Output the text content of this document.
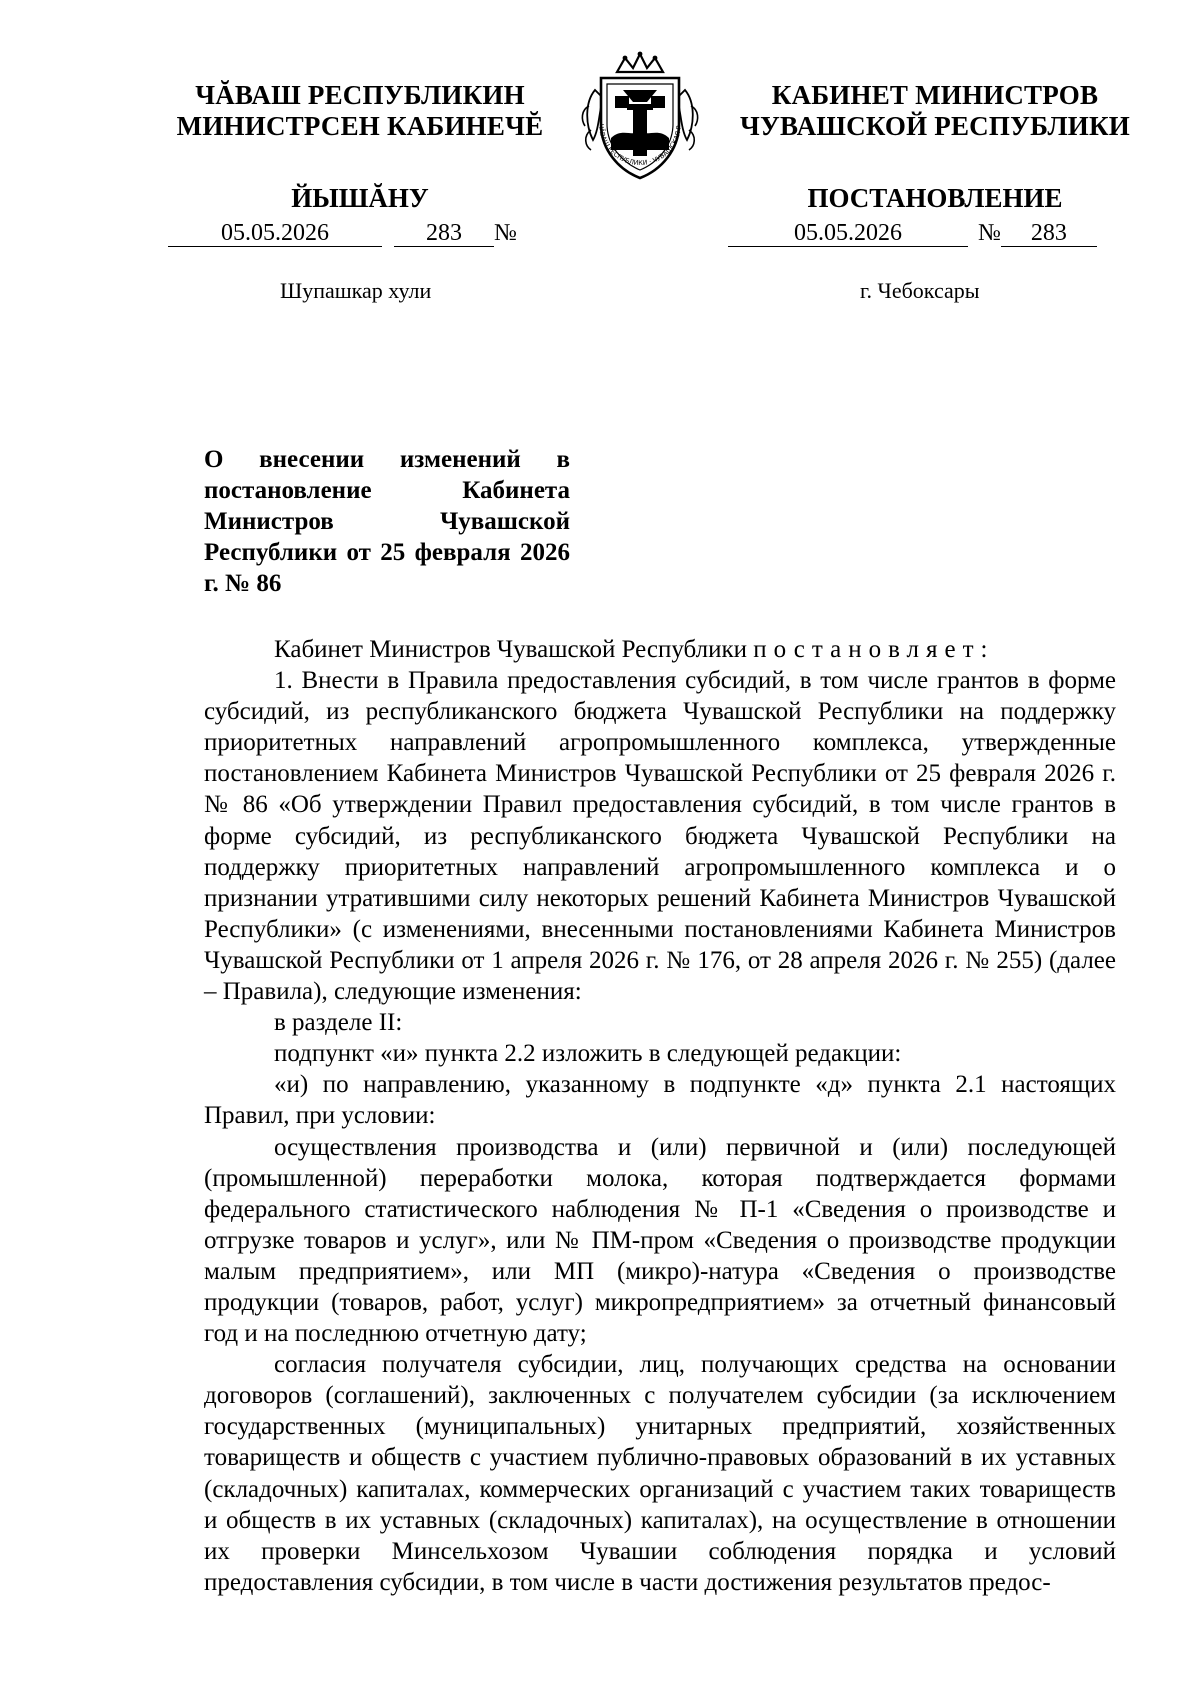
ЧĂВАШ РЕСПУБЛИКИН
МИНИСТРСЕН КАБИНЕЧĔ
ЙЫШĂНУ
ЧĂВАШ РЕСПУБЛИКИ · ЧУВАШСКАЯ Р
КАБИНЕТ МИНИСТРОВ
ЧУВАШСКОЙ РЕСПУБЛИКИ
ПОСТАНОВЛЕНИЕ
05.05.2026	283 №	05.05.2026	№ 283
Шупашкар хули	г. Чебоксары
О внесении изменений в постановление Кабинета Министров Чувашской Республики от 25 февраля 2026 г. № 86

Кабинет Министров Чувашской Республики постановляет:

1. Внести в Правила предоставления субсидий, в том числе грантов в форме субсидий, из республиканского бюджета Чувашской Республики на поддержку приоритетных направлений агропромышленного комплекса, утвержденные постановлением Кабинета Министров Чувашской Республики от 25 февраля 2026 г. № 86 «Об утверждении Правил предоставления субсидий, в том числе грантов в форме субсидий, из республиканского бюджета Чувашской Республики на поддержку приоритетных направлений агропромышленного комплекса и о признании утратившими силу некоторых решений Кабинета Министров Чувашской Республики» (с изменениями, внесенными постановлениями Кабинета Министров Чувашской Республики от 1 апреля 2026 г. № 176, от 28 апреля 2026 г. № 255) (далее – Правила), следующие изменения:

в разделе II:

подпункт «и» пункта 2.2 изложить в следующей редакции:

«и) по направлению, указанному в подпункте «д» пункта 2.1 настоящих Правил, при условии:

осуществления производства и (или) первичной и (или) последующей (промышленной) переработки молока, которая подтверждается формами федерального статистического наблюдения № П-1 «Сведения о производстве и отгрузке товаров и услуг», или № ПМ-пром «Сведения о производстве продукции малым предприятием», или МП (микро)-натура «Сведения о производстве продукции (товаров, работ, услуг) микропредприятием» за отчетный финансовый год и на последнюю отчетную дату;

согласия получателя субсидии, лиц, получающих средства на основании договоров (соглашений), заключенных с получателем субсидии (за исключением государственных (муниципальных) унитарных предприятий, хозяйственных товариществ и обществ с участием публично-правовых образований в их уставных (складочных) капиталах, коммерческих организаций с участием таких товариществ и обществ в их уставных (складочных) капиталах), на осуществление в отношении их проверки Минсельхозом Чувашии соблюдения порядка и условий предоставления субсидии, в том числе в части достижения результатов предос-
